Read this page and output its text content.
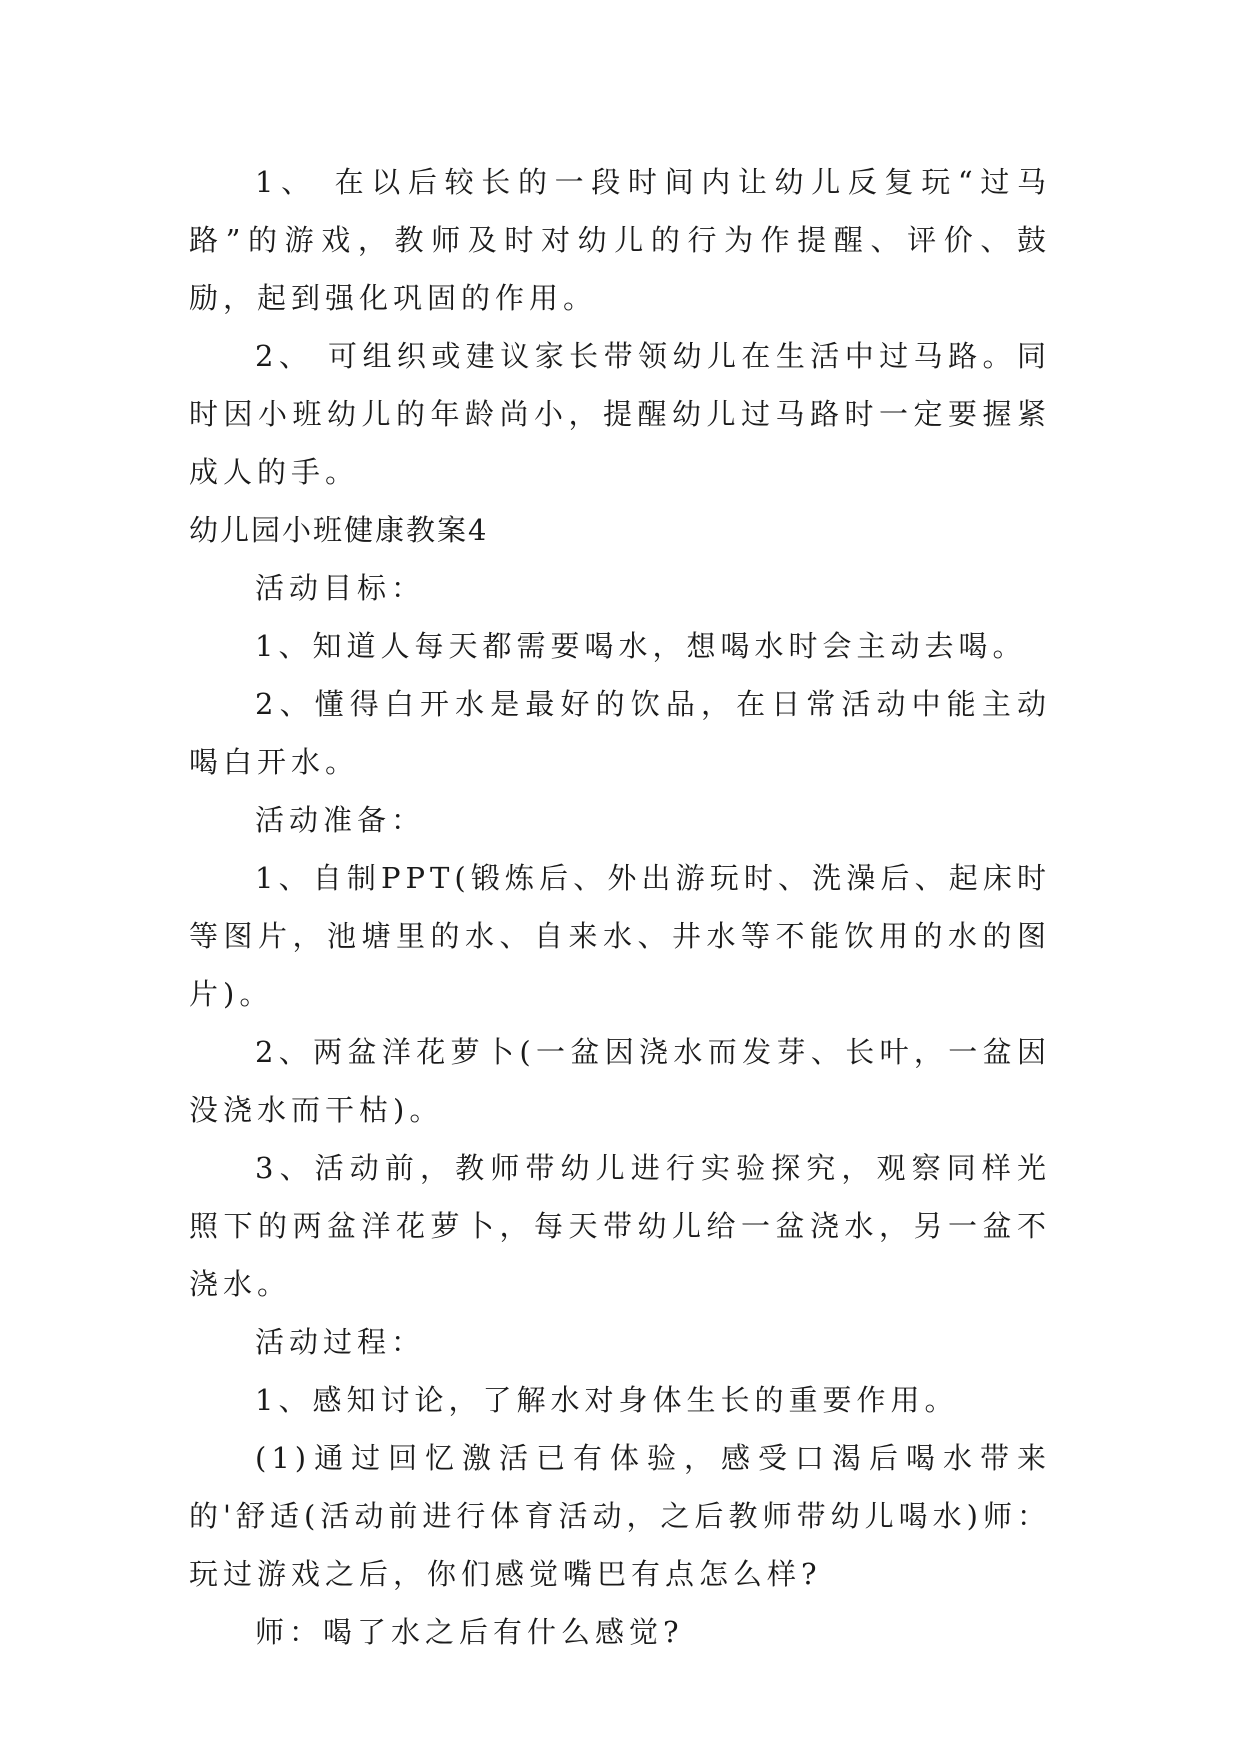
1、 在以后较长的一段时间内让幼儿反复玩“过马路”的游戏，教师及时对幼儿的行为作提醒、评价、鼓励，起到强化巩固的作用。

2、 可组织或建议家长带领幼儿在生活中过马路。同时因小班幼儿的年龄尚小，提醒幼儿过马路时一定要握紧成人的手。

幼儿园小班健康教案4

活动目标：

1、知道人每天都需要喝水，想喝水时会主动去喝。

2、懂得白开水是最好的饮品，在日常活动中能主动喝白开水。

活动准备：

1、自制PPT(锻炼后、外出游玩时、洗澡后、起床时等图片，池塘里的水、自来水、井水等不能饮用的水的图片)。

2、两盆洋花萝卜(一盆因浇水而发芽、长叶，一盆因没浇水而干枯)。

3、活动前，教师带幼儿进行实验探究，观察同样光照下的两盆洋花萝卜，每天带幼儿给一盆浇水，另一盆不浇水。

活动过程：

1、感知讨论，了解水对身体生长的重要作用。

(1)通过回忆激活已有体验，感受口渴后喝水带来的'舒适(活动前进行体育活动，之后教师带幼儿喝水)师：玩过游戏之后，你们感觉嘴巴有点怎么样?

师：喝了水之后有什么感觉?
